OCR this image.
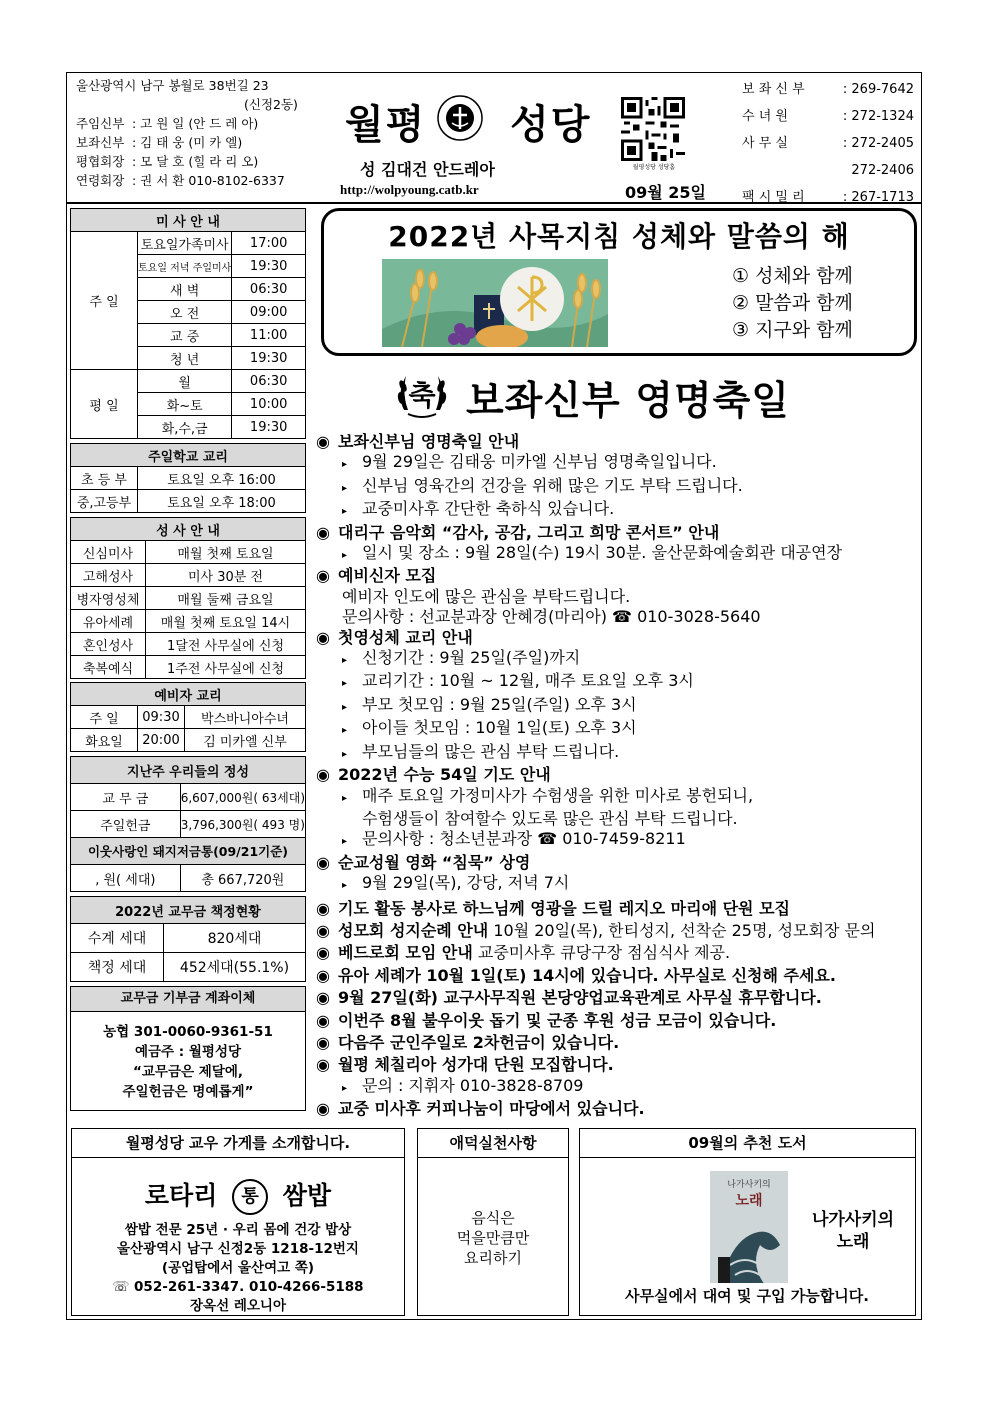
울산광역시 남구 봉월로 38번길 23
(신정2동)
주임신부 : 고 원 일 (안 드 레 아)
보좌신부 : 김 태 웅 (미 카 엘)
평협회장 : 모 달 호 (힐 라 리 오)
연령회장 : 권 서 환 010-8102-6337
월평 성당
성 김대건 안드레아
http://wolpyoung.catb.kr	09월 25일
월평성당 성당홈
보 좌 신 부	: 269-7642
수 녀 원	: 272-1324
사 무 실	: 272-2405
272-2406
팩 시 밀 리	: 267-1713
미 사 안 내		
주 일	토요일가족미사	17:00
	토요일 저녁 주일미사	19:30
	새 벽	06:30
	오 전	09:00
	교 중	11:00
	청 년	19:30
평 일	월	06:30
	화~토	10:00
	화,수,금	19:30
주일학교 교리	
초 등 부	토요일 오후 16:00
중,고등부	토요일 오후 18:00
성 사 안 내	
신심미사	매월 첫째 토요일
고해성사	미사 30분 전
병자영성체	매월 둘째 금요일
유아세례	매월 첫째 토요일 14시
혼인성사	1달전 사무실에 신청
축복예식	1주전 사무실에 신청
예비자 교리		
주 일	09:30	박스바니아수녀
화요일	20:00	김 미카엘 신부
지난주 우리들의 정성	
교 무 금	6,607,000원( 63세대)
주일헌금	3,796,300원( 493 명)
이웃사랑인 돼지저금통(09/21기준)	
, 원( 세대)	총 667,720원
2022년 교무금 책정현황	
수계 세대	820세대
책정 세대	452세대(55.1%)
교무금 기부금 계좌이체
농협 301-0060-9361-51
예금주 : 월평성당
“교무금은 제달에,
주일헌금은 명예롭게”
2022년 사목지침 성체와 말씀의 해
① 성체와 함께
② 말씀과 함께
③ 지구와 함께
축 보좌신부 영명축일
◉ 보좌신부님 영명축일 안내
▸ 9월 29일은 김태웅 미카엘 신부님 영명축일입니다.
▸ 신부님 영육간의 건강을 위해 많은 기도 부탁 드립니다.
▸ 교중미사후 간단한 축하식 있습니다.
◉ 대리구 음악회 “감사, 공감, 그리고 희망 콘서트” 안내
▸ 일시 및 장소 : 9월 28일(수) 19시 30분. 울산문화예술회관 대공연장
◉ 예비신자 모집
예비자 인도에 많은 관심을 부탁드립니다.
문의사항 : 선교분과장 안혜경(마리아) ☎ 010-3028-5640
◉ 첫영성체 교리 안내
▸ 신청기간 : 9월 25일(주일)까지
▸ 교리기간 : 10월 ~ 12월, 매주 토요일 오후 3시
▸ 부모 첫모임 : 9월 25일(주일) 오후 3시
▸ 아이들 첫모임 : 10월 1일(토) 오후 3시
▸ 부모님들의 많은 관심 부탁 드립니다.
◉ 2022년 수능 54일 기도 안내
▸ 매주 토요일 가정미사가 수험생을 위한 미사로 봉헌되니,
수험생들이 참여할수 있도록 많은 관심 부탁 드립니다.
▸ 문의사항 : 청소년분과장 ☎ 010-7459-8211
◉ 순교성월 영화 “침묵” 상영
▸ 9월 29일(목), 강당, 저녁 7시
◉ 기도 활동 봉사로 하느님께 영광을 드릴 레지오 마리애 단원 모집
◉ 성모회 성지순례 안내 10월 20일(목), 한티성지, 선착순 25명, 성모회장 문의
◉ 베드로회 모임 안내 교중미사후 큐당구장 점심식사 제공.
◉ 유아 세례가 10월 1일(토) 14시에 있습니다. 사무실로 신청해 주세요.
◉ 9월 27일(화) 교구사무직원 본당양업교육관계로 사무실 휴무합니다.
◉ 이번주 8월 불우이웃 돕기 및 군종 후원 성금 모금이 있습니다.
◉ 다음주 군인주일로 2차헌금이 있습니다.
◉ 월평 체칠리아 성가대 단원 모집합니다.
▸ 문의 : 지휘자 010-3828-8709
◉ 교중 미사후 커피나눔이 마당에서 있습니다.
월평성당 교우 가게를 소개합니다.
로타리 통 쌈밥
쌈밥 전문 25년 · 우리 몸에 건강 밥상
울산광역시 남구 신정2동 1218-12번지
(공업탑에서 울산여고 쪽)
☏ 052-261-3347. 010-4266-5188
장옥선 레오니아
애덕실천사항
음식은
먹을만큼만
요리하기
09월의 추천 도서
나가사키의
노래
나가사키의
노래
사무실에서 대여 및 구입 가능합니다.
